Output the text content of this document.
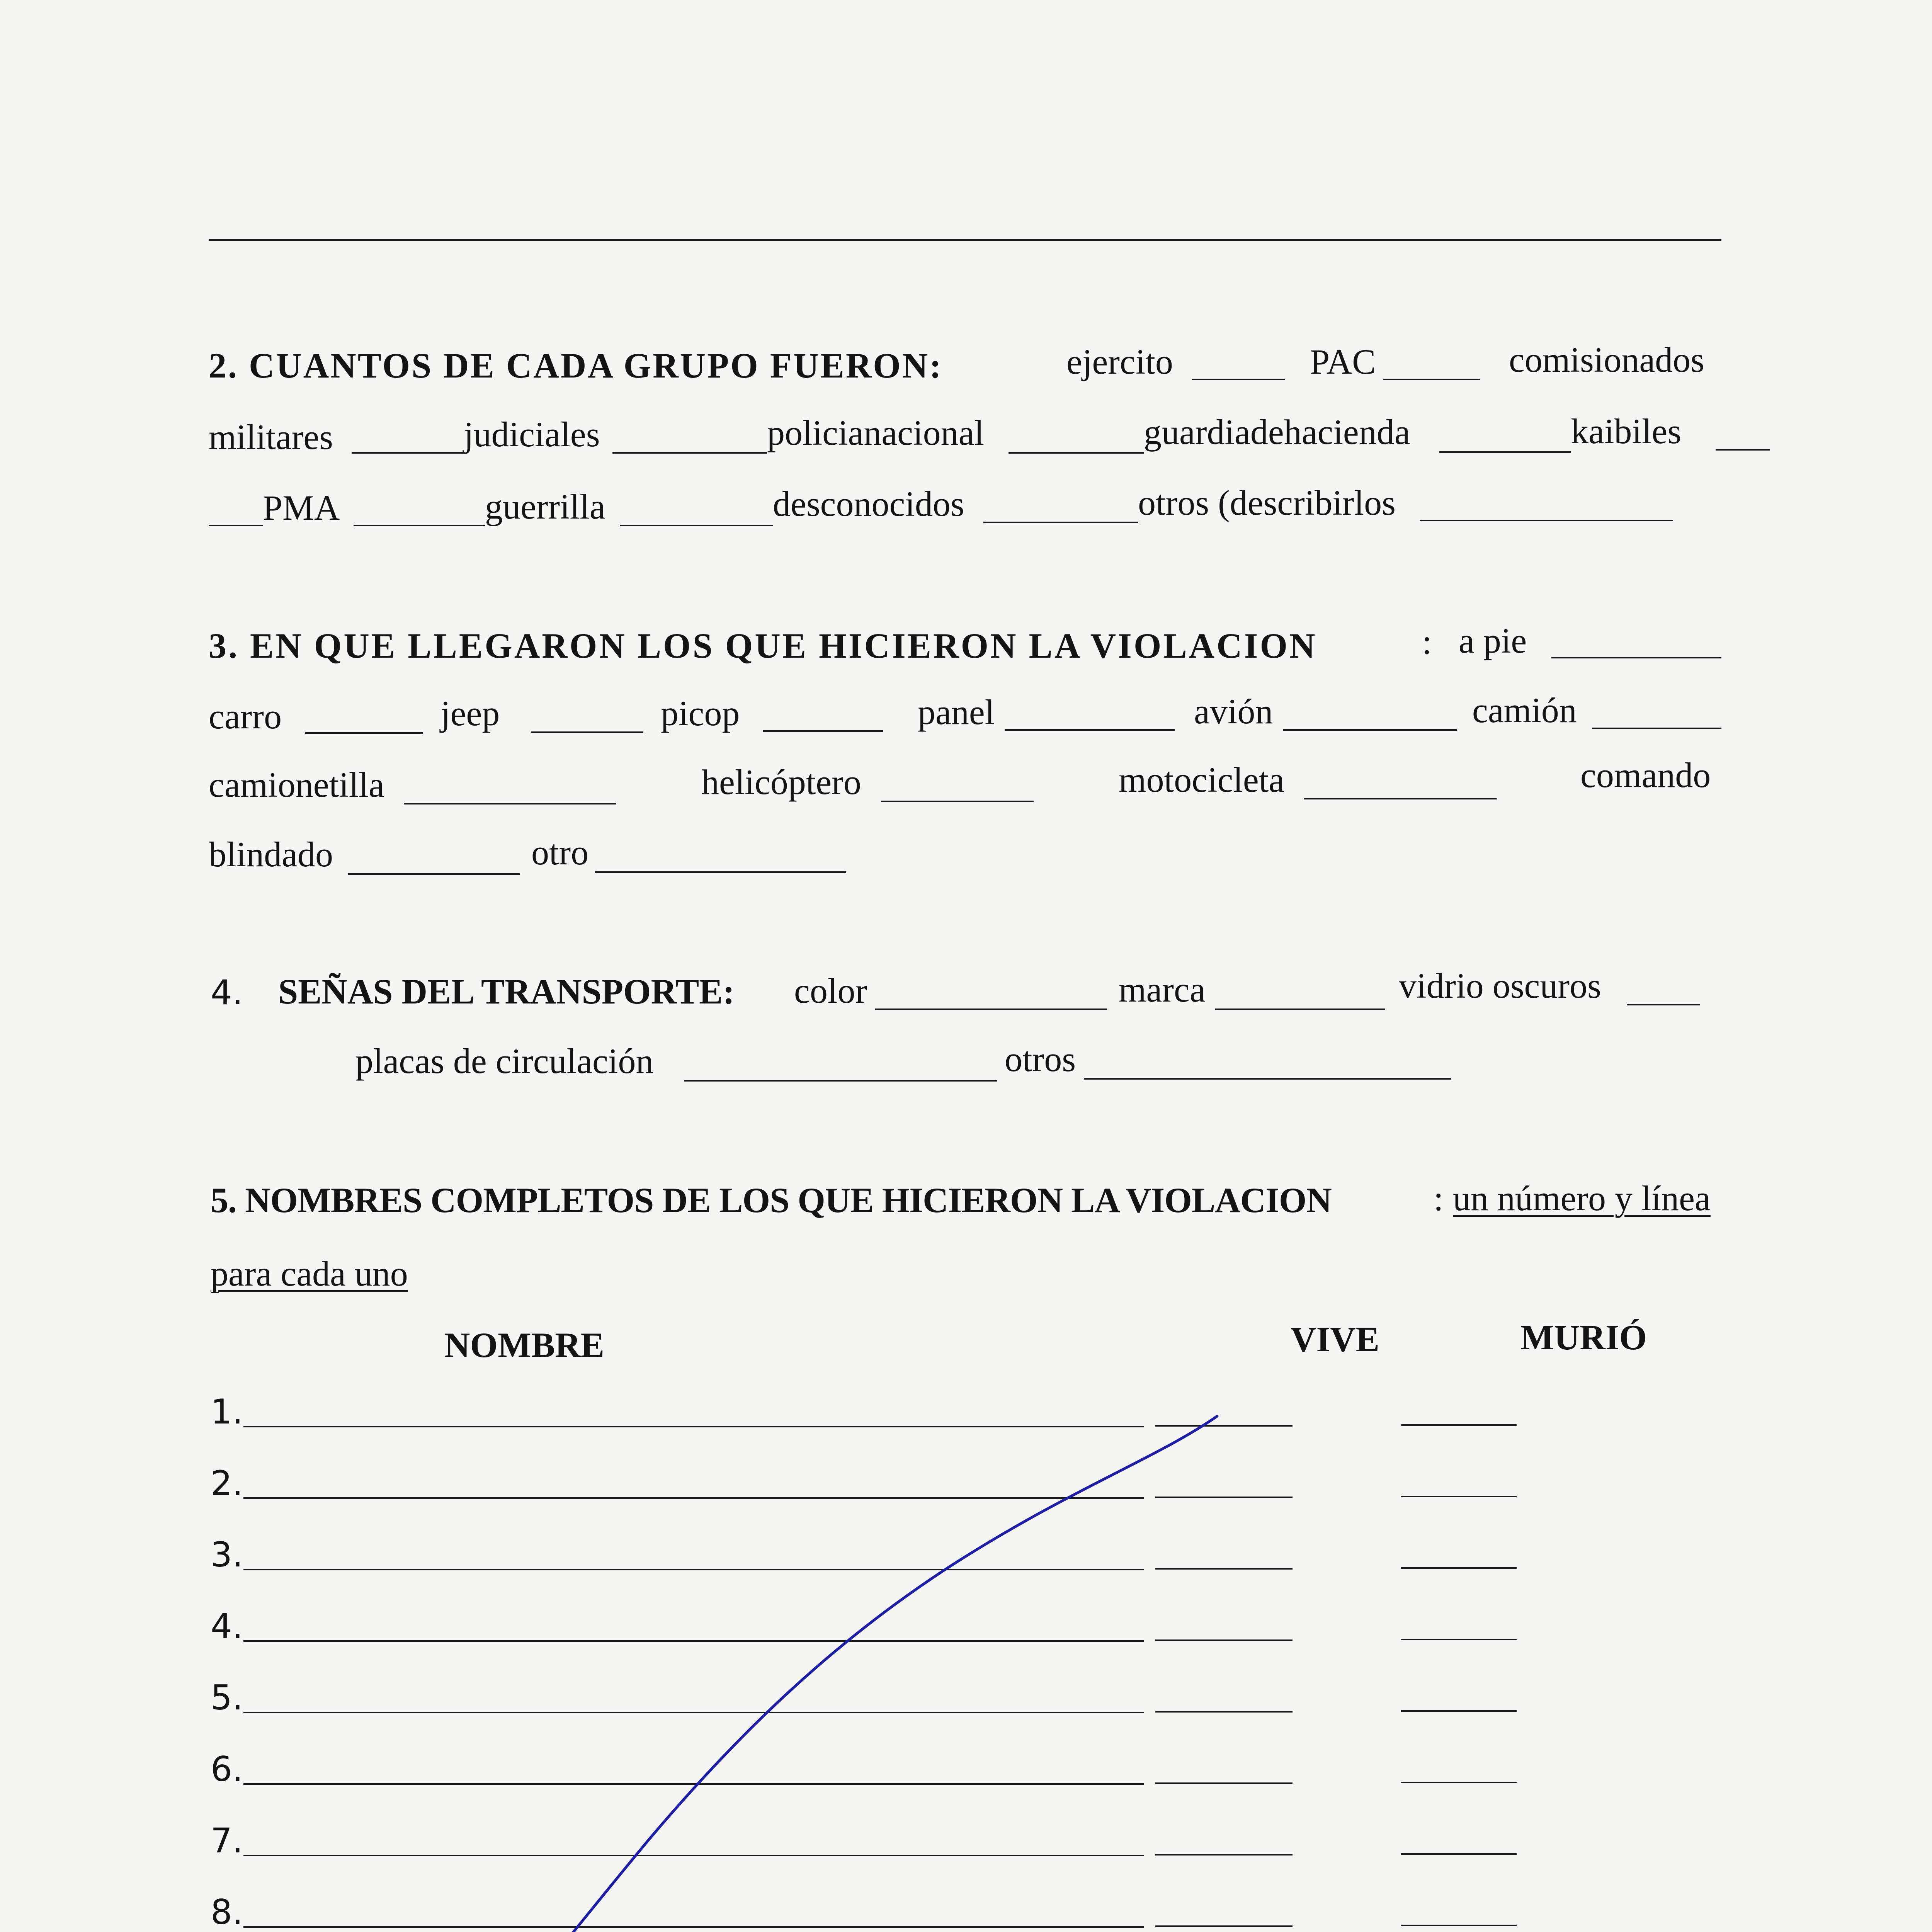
2. CUANTOS DE CADA GRUPO FUERON:	ejercito	PAC	comisionados
militares	judiciales	policianacional	guardiadehacienda	kaibiles
PMA	guerrilla	desconocidos	otros (describirlos
3. EN QUE LLEGARON LOS QUE HICIERON LA VIOLACION	: a pie
carro	jeep	picop	panel	avión	camión
camionetilla	helicóptero	motocicleta	comando
blindado	otro
4. SEÑAS DEL TRANSPORTE: color	marca	vidrio oscuros
placas de circulación	otros
5. NOMBRES COMPLETOS DE LOS QUE HICIERON LA VIOLACION	: un número y línea
para cada uno
NOMBRE	VIVE	MURIÓ
1.
2.
3.
4.
5.
6.
7.
8.
